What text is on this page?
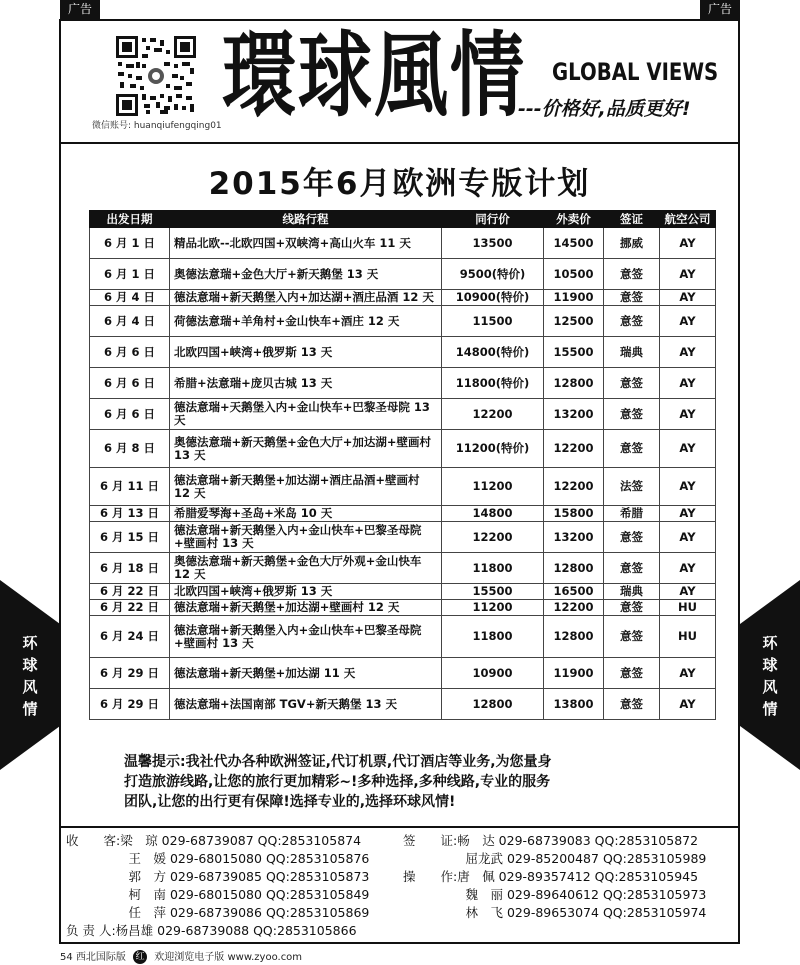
广告	广告
微信账号: huanqiufengqing01 環球風情 GLOBAL VIEWS
---价格好,品质更好!
2015年6月欧洲专版计划
出发日期	线路行程	同行价	外卖价	签证	航空公司
6 月 1 日	精品北欧--北欧四国+双峡湾+高山火车 11 天	13500	14500	挪威	AY
6 月 1 日	奥德法意瑞+金色大厅+新天鹅堡 13 天	9500(特价)	10500	意签	AY
6 月 4 日	德法意瑞+新天鹅堡入内+加达湖+酒庄品酒 12 天	10900(特价)	11900	意签	AY
6 月 4 日	荷德法意瑞+羊角村+金山快车+酒庄 12 天	11500	12500	意签	AY
6 月 6 日	北欧四国+峡湾+俄罗斯 13 天	14800(特价)	15500	瑞典	AY
6 月 6 日	希腊+法意瑞+庞贝古城 13 天	11800(特价)	12800	意签	AY
6 月 6 日	德法意瑞+天鹅堡入内+金山快车+巴黎圣母院 13 天	12200	13200	意签	AY
6 月 8 日	奥德法意瑞+新天鹅堡+金色大厅+加达湖+壁画村 13 天	11200(特价)	12200	意签	AY
6 月 11 日	德法意瑞+新天鹅堡+加达湖+酒庄品酒+壁画村 12 天	11200	12200	法签	AY
6 月 13 日	希腊爱琴海+圣岛+米岛 10 天	14800	15800	希腊	AY
6 月 15 日	德法意瑞+新天鹅堡入内+金山快车+巴黎圣母院+壁画村 13 天	12200	13200	意签	AY
6 月 18 日	奥德法意瑞+新天鹅堡+金色大厅外观+金山快车 12 天	11800	12800	意签	AY
6 月 22 日	北欧四国+峡湾+俄罗斯 13 天	15500	16500	瑞典	AY
6 月 22 日	德法意瑞+新天鹅堡+加达湖+壁画村 12 天	11200	12200	意签	HU
6 月 24 日	德法意瑞+新天鹅堡入内+金山快车+巴黎圣母院+壁画村 13 天	11800	12800	意签	HU
6 月 29 日	德法意瑞+新天鹅堡+加达湖 11 天	10900	11900	意签	AY
6 月 29 日	德法意瑞+法国南部 TGV+新天鹅堡 13 天	12800	13800	意签	AY
环
球
风
情
环
球
风
情
温馨提示:我社代办各种欧洲签证,代订机票,代订酒店等业务,为您量身
打造旅游线路,让您的旅行更加精彩~!多种选择,多种线路,专业的服务
团队,让您的出行更有保障!选择专业的,选择环球风情!
收　　客:梁　琼 029-68739087 QQ:2853105874
　　　　　王　媛 029-68015080 QQ:2853105876
　　　　　郭　方 029-68739085 QQ:2853105873
　　　　　柯　南 029-68015080 QQ:2853105849
　　　　　任　萍 029-68739086 QQ:2853105869
负 责 人:杨昌雄 029-68739088 QQ:2853105866
签　　证:畅　达 029-68739083 QQ:2853105872
　　　　　屈龙武 029-85200487 QQ:2853105989
操　　作:唐　佩 029-89357412 QQ:2853105945
　　　　　魏　丽 029-89640612 QQ:2853105973
　　　　　林　飞 029-89653074 QQ:2853105974
54 西北国际版 红 欢迎浏览电子版 www.zyoo.com
